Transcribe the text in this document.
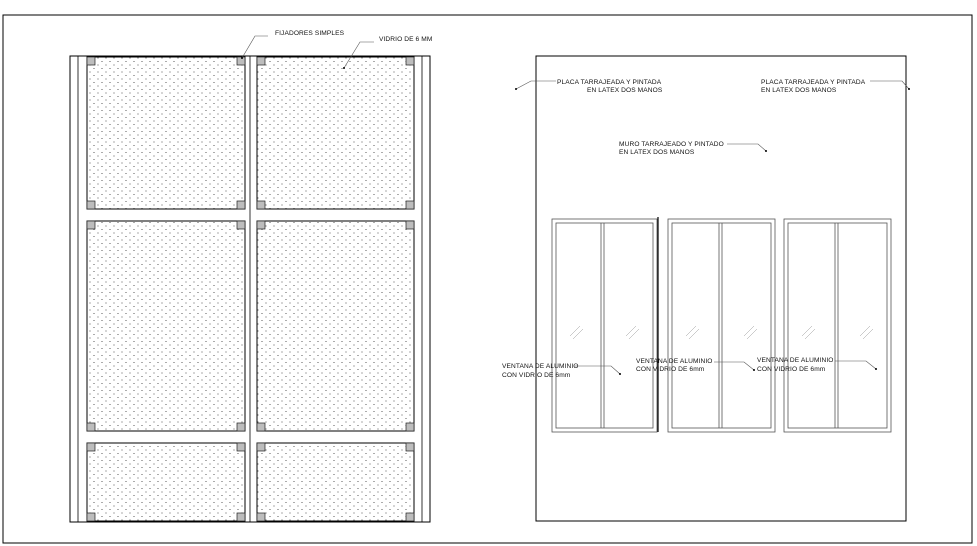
FIJADORES SIMPLES
VIDRIO DE 6 MM
PLACA TARRAJEADA Y PINTADA
EN LATEX DOS MANOS
PLACA TARRAJEADA Y PINTADA
EN LATEX DOS MANOS
MURO TARRAJEADO Y PINTADO
EN LATEX DOS MANOS
VENTANA DE ALUMINIO
CON VIDRIO DE 6mm
VENTANA DE ALUMINIO
CON VIDRIO DE 6mm
VENTANA DE ALUMINIO
CON VIDRIO DE 6mm
